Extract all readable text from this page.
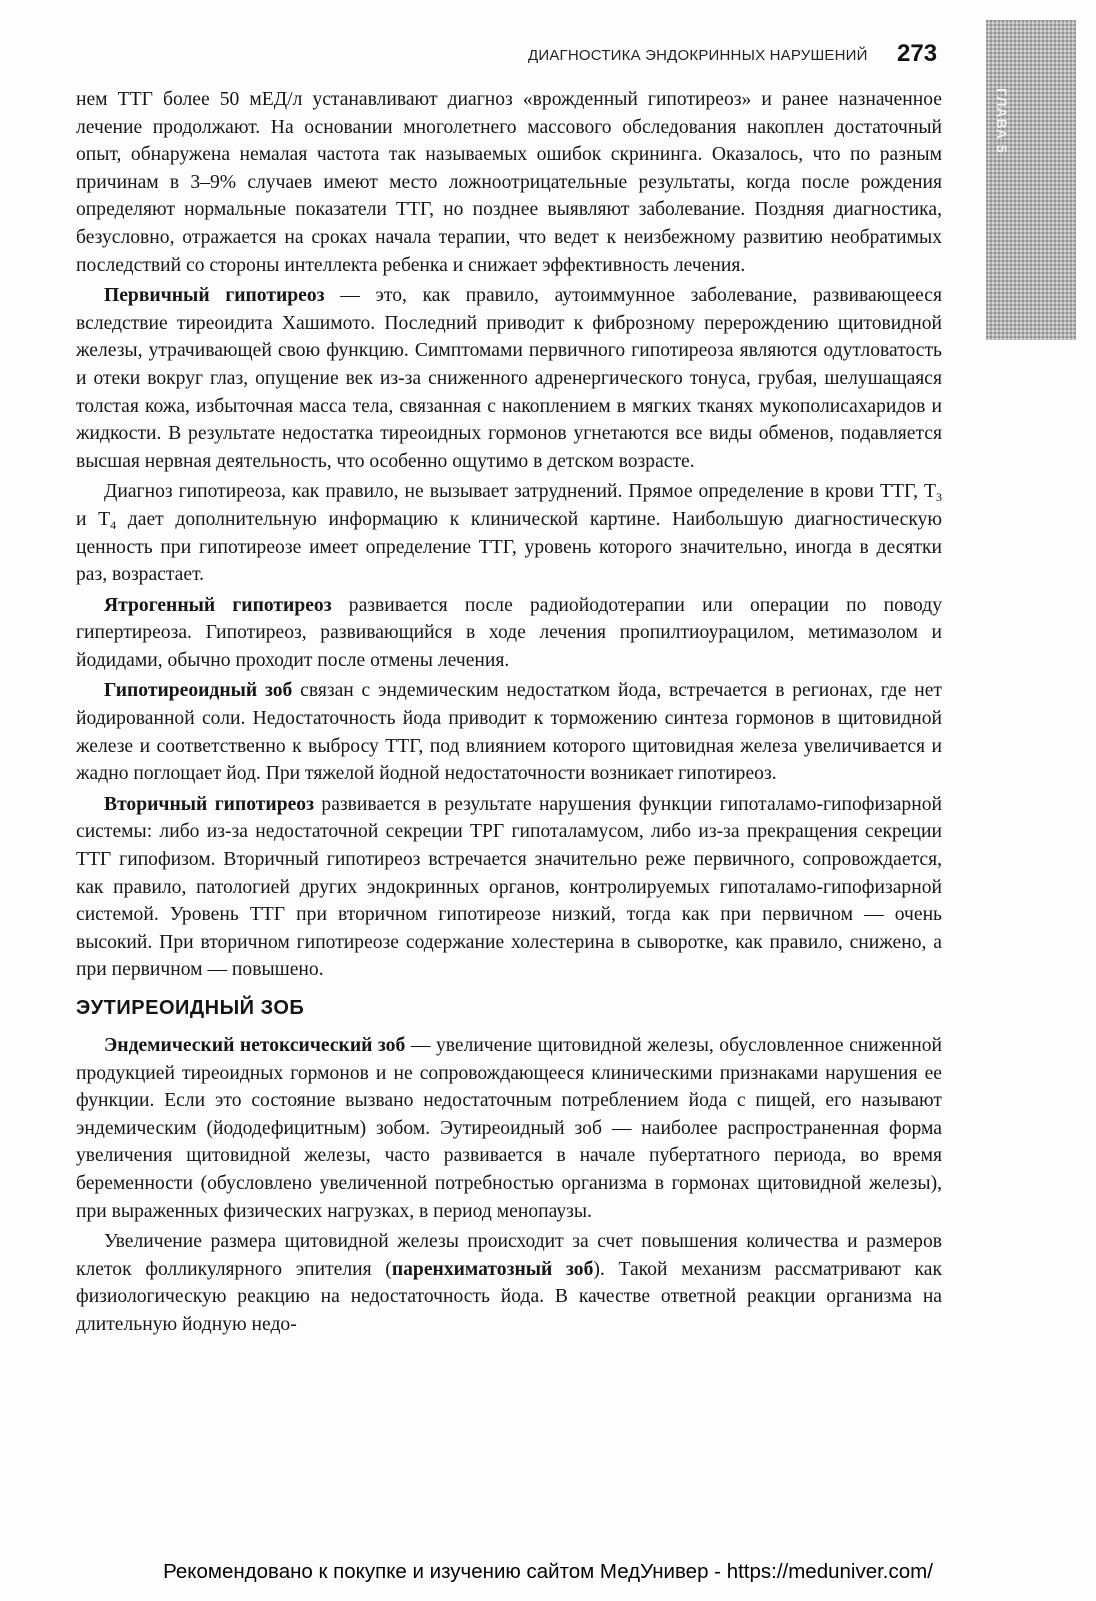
ДИАГНОСТИКА ЭНДОКРИННЫХ НАРУШЕНИЙ 273
ГЛАВА 5

нем ТТГ более 50 мЕД/л устанавливают диагноз «врожденный гипотиреоз» и ранее назначенное лечение продолжают. На основании многолетнего массового обследования накоплен достаточный опыт, обнаружена немалая частота так называемых ошибок скрининга. Оказалось, что по разным причинам в 3–9% случаев имеют место ложноотрицательные результаты, когда после рождения определяют нормальные показатели ТТГ, но позднее выявляют заболевание. Поздняя диагностика, безусловно, отражается на сроках начала терапии, что ведет к неизбежному развитию необратимых последствий со стороны интеллекта ребенка и снижает эффективность лечения.

Первичный гипотиреоз — это, как правило, аутоиммунное заболевание, развивающееся вследствие тиреоидита Хашимото. Последний приводит к фиброзному перерождению щитовидной железы, утрачивающей свою функцию. Симптомами первичного гипотиреоза являются одутловатость и отеки вокруг глаз, опущение век из-за сниженного адренергического тонуса, грубая, шелушащаяся толстая кожа, избыточная масса тела, связанная с накоплением в мягких тканях мукополисахаридов и жидкости. В результате недостатка тиреоидных гормонов угнетаются все виды обменов, подавляется высшая нервная деятельность, что особенно ощутимо в детском возрасте.

Диагноз гипотиреоза, как правило, не вызывает затруднений. Прямое определение в крови ТТГ, $Т_3$ и $Т_4$ дает дополнительную информацию к клинической картине. Наибольшую диагностическую ценность при гипотиреозе имеет определение ТТГ, уровень которого значительно, иногда в десятки раз, возрастает.

Ятрогенный гипотиреоз развивается после радиойодотерапии или операции по поводу гипертиреоза. Гипотиреоз, развивающийся в ходе лечения пропилтиоурацилом, метимазолом и йодидами, обычно проходит после отмены лечения.

Гипотиреоидный зоб связан с эндемическим недостатком йода, встречается в регионах, где нет йодированной соли. Недостаточность йода приводит к торможению синтеза гормонов в щитовидной железе и соответственно к выбросу ТТГ, под влиянием которого щитовидная железа увеличивается и жадно поглощает йод. При тяжелой йодной недостаточности возникает гипотиреоз.

Вторичный гипотиреоз развивается в результате нарушения функции гипоталамо-гипофизарной системы: либо из-за недостаточной секреции ТРГ гипоталамусом, либо из-за прекращения секреции ТТГ гипофизом. Вторичный гипотиреоз встречается значительно реже первичного, сопровождается, как правило, патологией других эндокринных органов, контролируемых гипоталамо-гипофизарной системой. Уровень ТТГ при вторичном гипотиреозе низкий, тогда как при первичном — очень высокий. При вторичном гипотиреозе содержание холестерина в сыворотке, как правило, снижено, а при первичном — повышено.

ЭУТИРЕОИДНЫЙ ЗОБ

Эндемический нетоксический зоб — увеличение щитовидной железы, обусловленное сниженной продукцией тиреоидных гормонов и не сопровождающееся клиническими признаками нарушения ее функции. Если это состояние вызвано недостаточным потреблением йода с пищей, его называют эндемическим (йододефицитным) зобом. Эутиреоидный зоб — наиболее распространенная форма увеличения щитовидной железы, часто развивается в начале пубертатного периода, во время беременности (обусловлено увеличенной потребностью организма в гормонах щитовидной железы), при выраженных физических нагрузках, в период менопаузы.

Увеличение размера щитовидной железы происходит за счет повышения количества и размеров клеток фолликулярного эпителия (паренхиматозный зоб). Такой механизм рассматривают как физиологическую реакцию на недостаточность йода. В качестве ответной реакции организма на длительную йодную недо-

Рекомендовано к покупке и изучению сайтом МедУнивер - https://meduniver.com/
